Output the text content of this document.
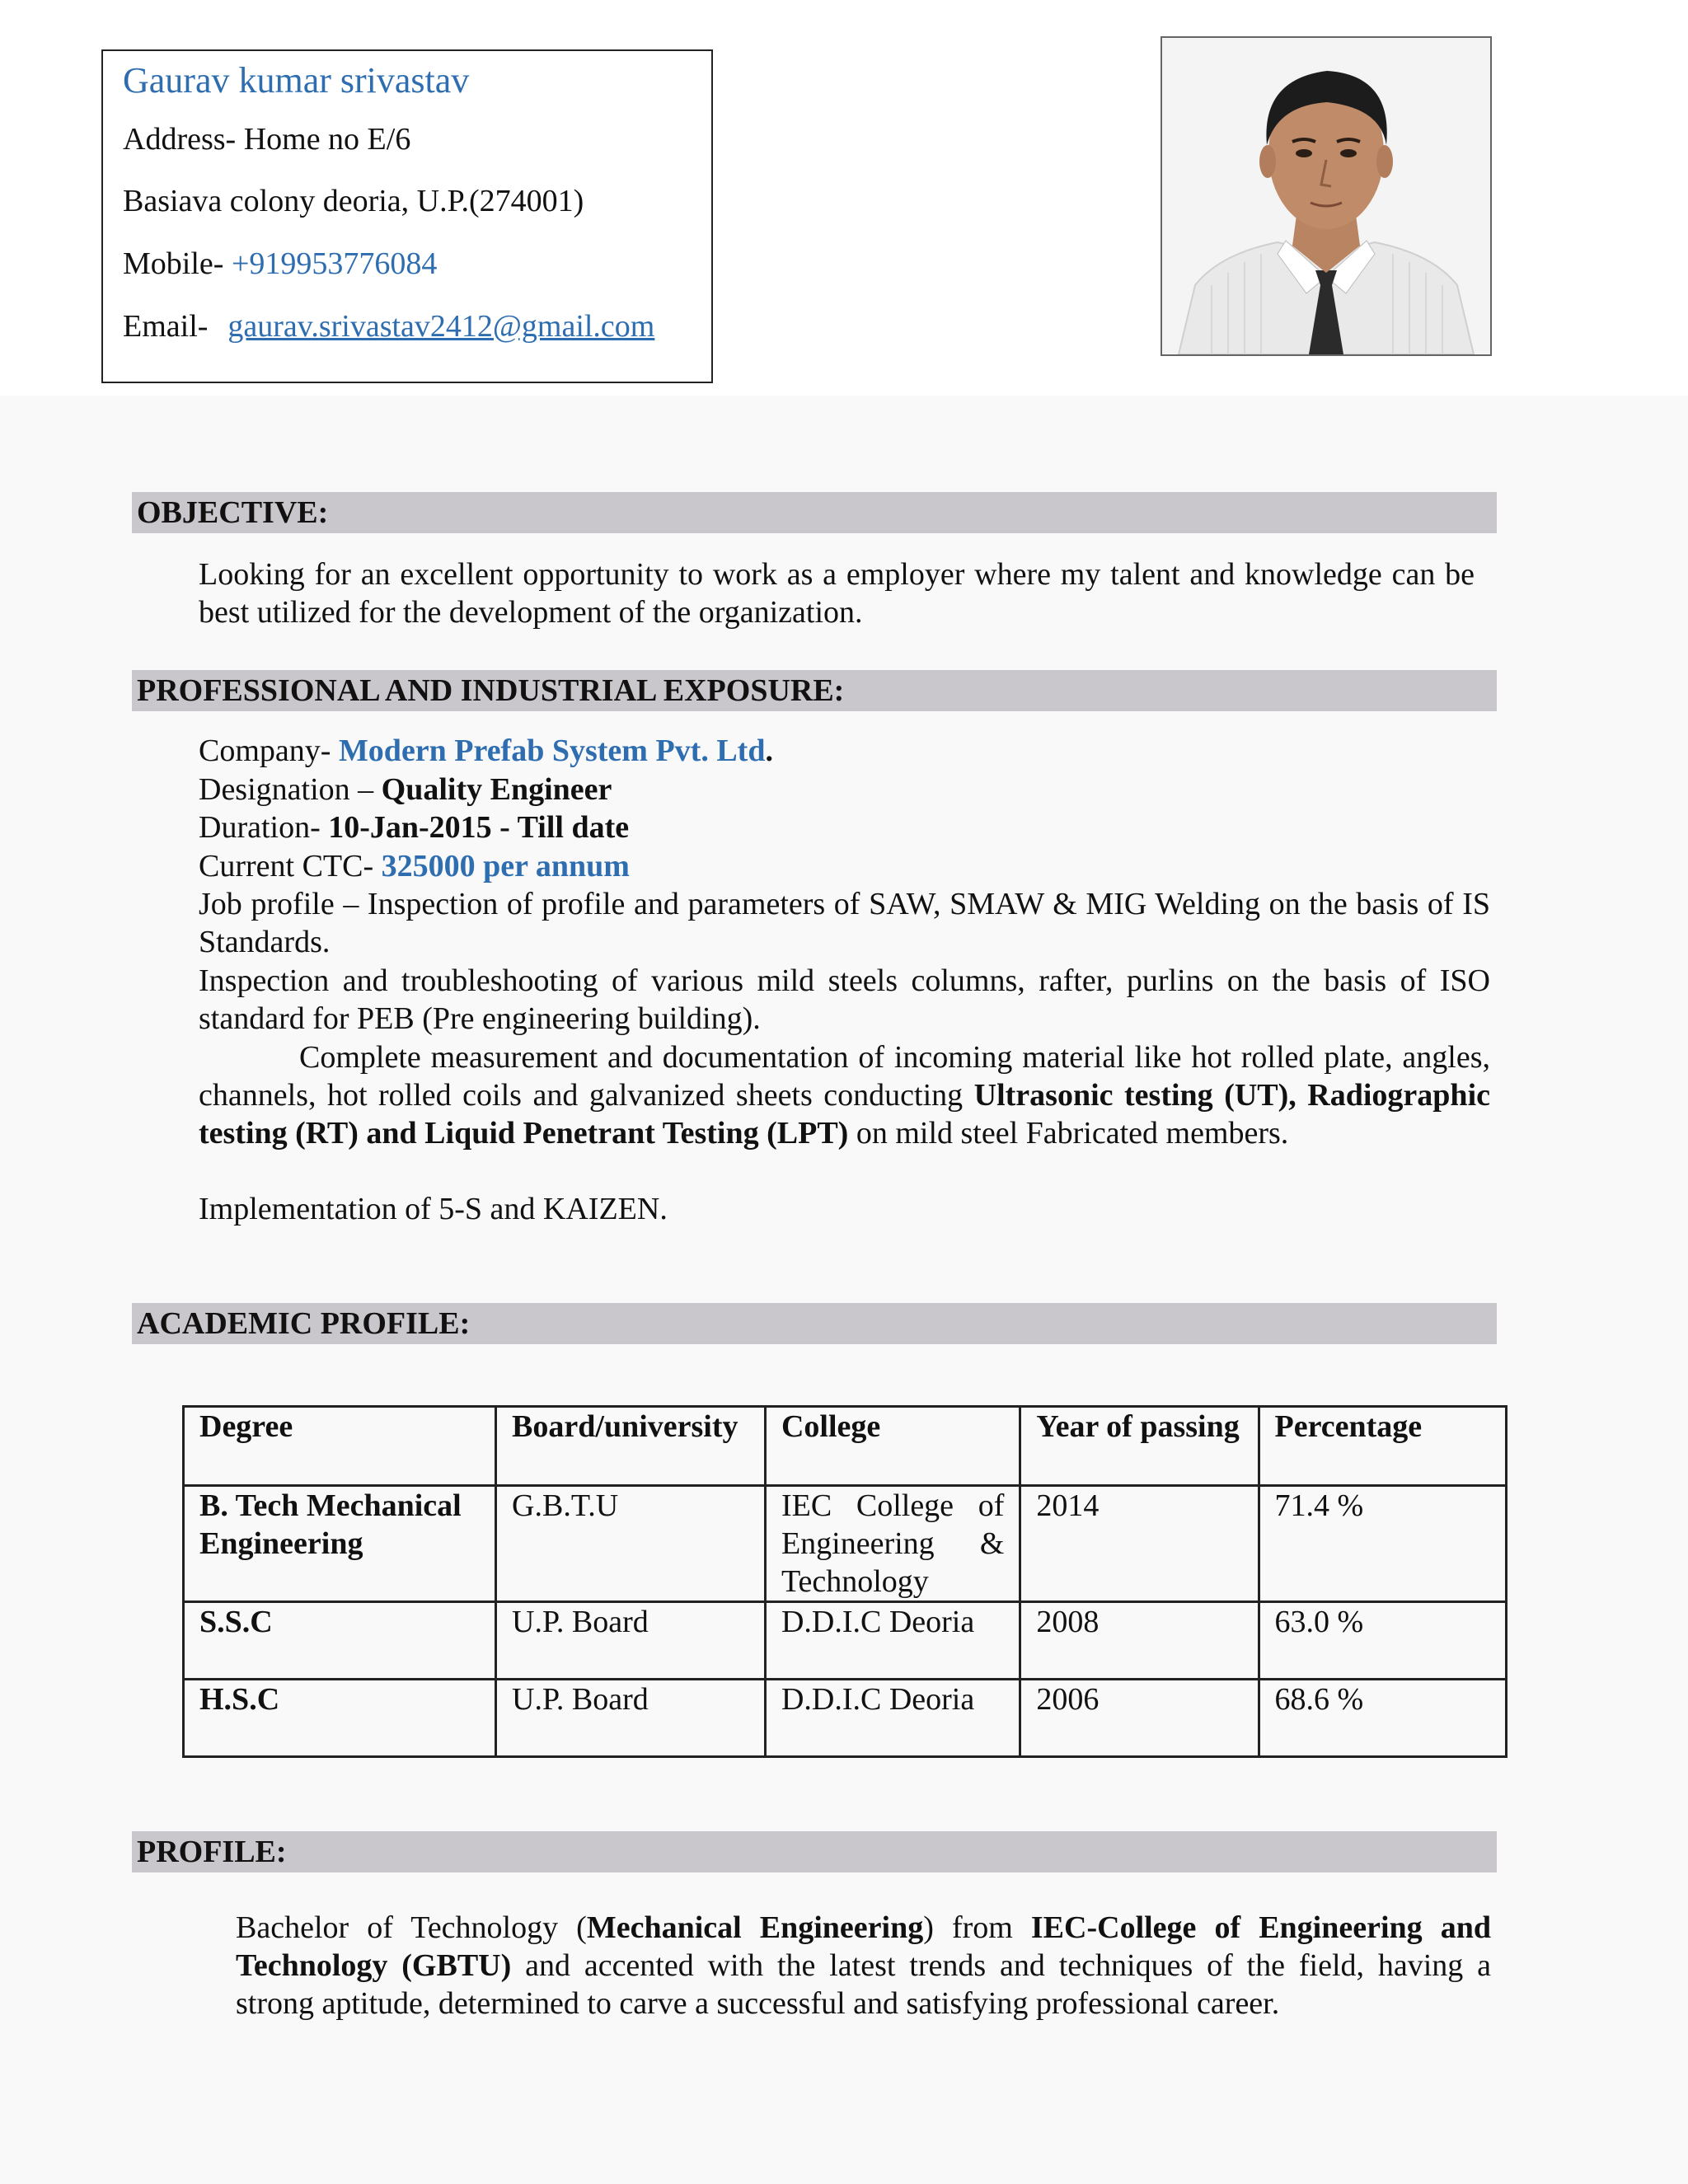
Gaurav kumar srivastav
Address- Home no E/6
Basiava colony deoria, U.P.(274001)
Mobile- +919953776084
Email- gaurav.srivastav2412@gmail.com
OBJECTIVE:
Looking for an excellent opportunity to work as a employer where my talent and knowledge can be best utilized for the development of the organization.
PROFESSIONAL AND INDUSTRIAL EXPOSURE:
Company- Modern Prefab System Pvt. Ltd.
Designation – Quality Engineer
Duration- 10-Jan-2015 - Till date
Current CTC- 325000 per annum
Job profile – Inspection of profile and parameters of SAW, SMAW & MIG Welding on the basis of IS Standards.
Inspection and troubleshooting of various mild steels columns, rafter, purlins on the basis of ISO standard for PEB (Pre engineering building).
Complete measurement and documentation of incoming material like hot rolled plate, angles, channels, hot rolled coils and galvanized sheets conducting Ultrasonic testing (UT), Radiographic testing (RT) and Liquid Penetrant Testing (LPT) on mild steel Fabricated members.
Implementation of 5-S and KAIZEN.
ACADEMIC PROFILE:
Degree	Board/university	College	Year of passing	Percentage
B. Tech Mechanical Engineering	G.B.T.U	IEC College of Engineering & Technology	2014	71.4 %
S.S.C	U.P. Board	D.D.I.C Deoria	2008	63.0 %
H.S.C	U.P. Board	D.D.I.C Deoria	2006	68.6 %
PROFILE:
Bachelor of Technology (Mechanical Engineering) from IEC-College of Engineering and Technology (GBTU) and accented with the latest trends and techniques of the field, having a strong aptitude, determined to carve a successful and satisfying professional career.
